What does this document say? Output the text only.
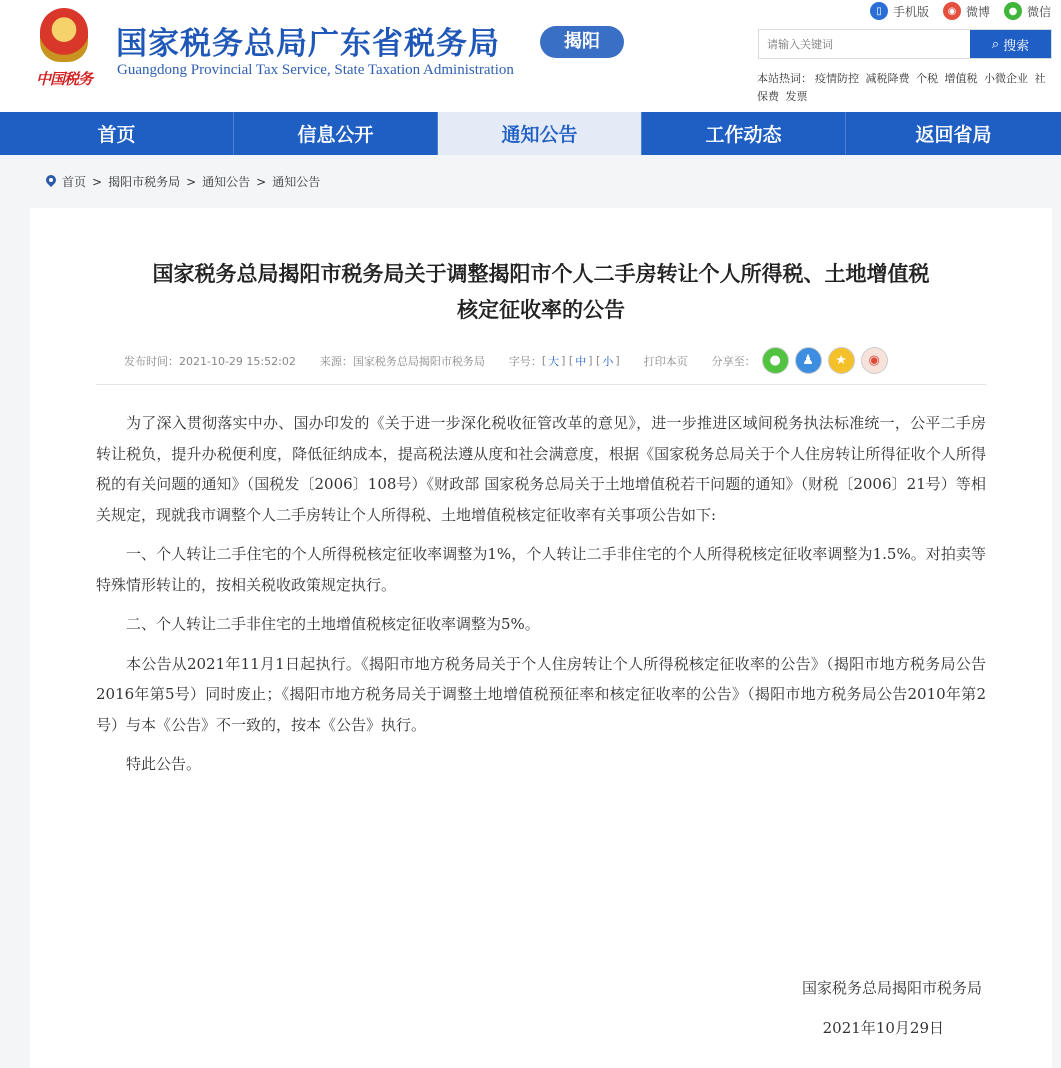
中国税务
国家税务总局广东省税务局
Guangdong Provincial Tax Service, State Taxation Administration
揭阳
▯ 手机版	◉ 微博	● 微信
请输入关键词
⌕ 搜索
本站热词： 疫情防控 减税降费 个税 增值税 小微企业 社保费 发票
首页	信息公开	通知公告	工作动态	返回省局
首页 > 揭阳市税务局 > 通知公告 > 通知公告
国家税务总局揭阳市税务局关于调整揭阳市个人二手房转让个人所得税、土地增值税
核定征收率的公告
发布时间：2021-10-29 15:52:02 来源：国家税务总局揭阳市税务局 字号： [ 大 ] [ 中 ] [ 小 ] 打印本页 分享至：	●	♟	★	◉

为了深入贯彻落实中办、国办印发的《关于进一步深化税收征管改革的意见》，进一步推进区域间税务执法标准统一，公平二手房转让税负，提升办税便利度，降低征纳成本，提高税法遵从度和社会满意度，根据《国家税务总局关于个人住房转让所得征收个人所得税的有关问题的通知》（国税发〔2006〕108号）《财政部 国家税务总局关于土地增值税若干问题的通知》（财税〔2006〕21号）等相关规定，现就我市调整个人二手房转让个人所得税、土地增值税核定征收率有关事项公告如下:

一、个人转让二手住宅的个人所得税核定征收率调整为1%，个人转让二手非住宅的个人所得税核定征收率调整为1.5%。对拍卖等特殊情形转让的，按相关税收政策规定执行。

二、个人转让二手非住宅的土地增值税核定征收率调整为5%。

本公告从2021年11月1日起执行。《揭阳市地方税务局关于个人住房转让个人所得税核定征收率的公告》（揭阳市地方税务局公告2016年第5号）同时废止；《揭阳市地方税务局关于调整土地增值税预征率和核定征收率的公告》（揭阳市地方税务局公告2010年第2号）与本《公告》不一致的，按本《公告》执行。

特此公告。

国家税务总局揭阳市税务局
2021年10月29日
